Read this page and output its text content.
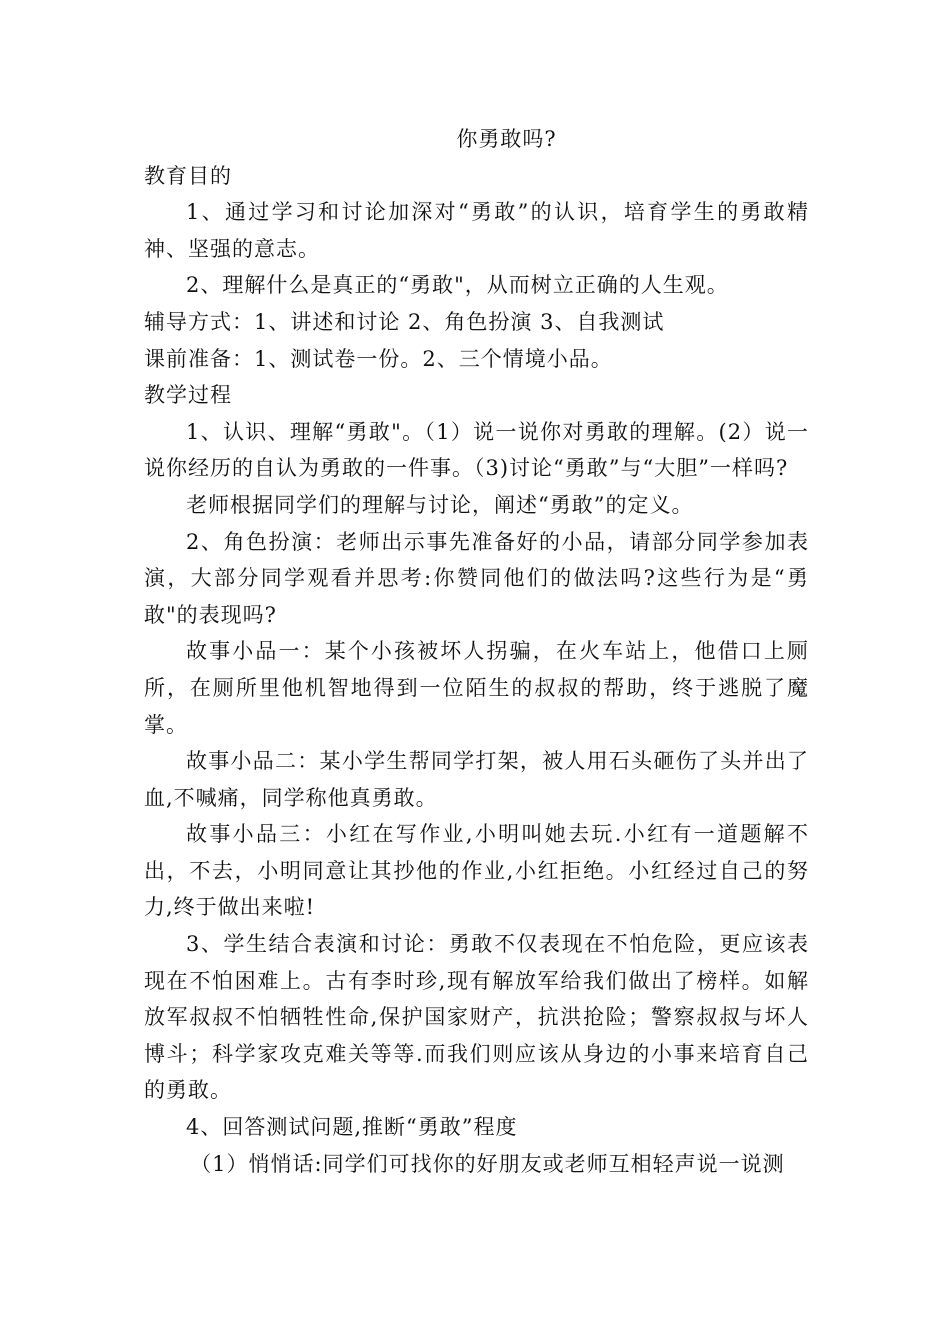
你勇敢吗?

教育目的

1、通过学习和讨论加深对“勇敢”的认识，培育学生的勇敢精神、坚强的意志。

2、理解什么是真正的“勇敢"，从而树立正确的人生观。

辅导方式：1、讲述和讨论 2、角色扮演 3、自我测试

课前准备：1、测试卷一份。2、三个情境小品。

教学过程

1、认识、理解“勇敢"。（1）说一说你对勇敢的理解。(2）说一说你经历的自认为勇敢的一件事。（3)讨论“勇敢”与“大胆”一样吗?

老师根据同学们的理解与讨论，阐述“勇敢”的定义。

2、角色扮演：老师出示事先准备好的小品，请部分同学参加表演，大部分同学观看并思考:你赞同他们的做法吗?这些行为是“勇敢"的表现吗?

故事小品一：某个小孩被坏人拐骗，在火车站上，他借口上厕所，在厕所里他机智地得到一位陌生的叔叔的帮助，终于逃脱了魔掌。

故事小品二：某小学生帮同学打架，被人用石头砸伤了头并出了血,不喊痛，同学称他真勇敢。

故事小品三：小红在写作业,小明叫她去玩.小红有一道题解不出，不去，小明同意让其抄他的作业,小红拒绝。小红经过自己的努力,终于做出来啦!

3、学生结合表演和讨论：勇敢不仅表现在不怕危险，更应该表现在不怕困难上。古有李时珍,现有解放军给我们做出了榜样。如解放军叔叔不怕牺牲性命,保护国家财产，抗洪抢险；警察叔叔与坏人博斗；科学家攻克难关等等.而我们则应该从身边的小事来培育自己的勇敢。

4、回答测试问题,推断“勇敢”程度

（1）悄悄话:同学们可找你的好朋友或老师互相轻声说一说测
